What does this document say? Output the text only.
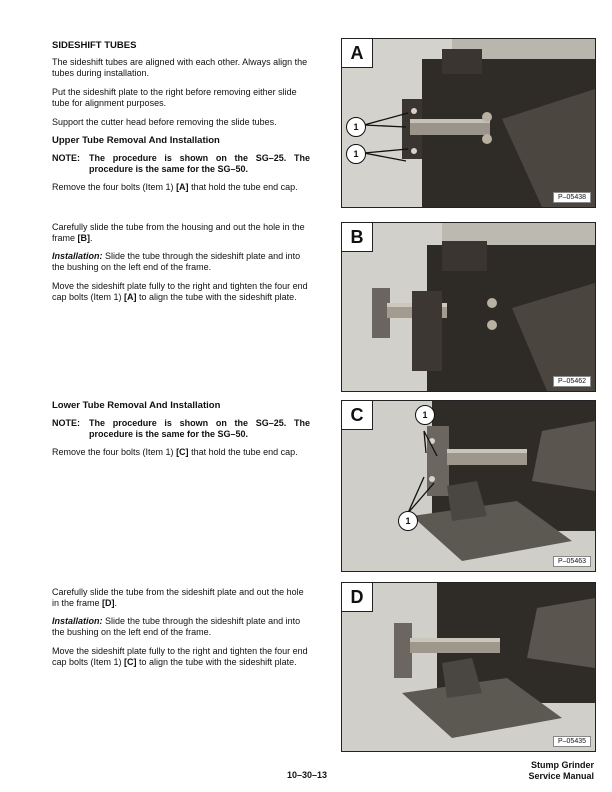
SIDESHIFT TUBES
The sideshift tubes are aligned with each other. Always align the tubes during installation.
Put the sideshift plate to the right before removing either slide tube for alignment purposes.
Support the cutter head before removing the slide tubes.
Upper Tube Removal And Installation
NOTE:	The procedure is shown on the SG–25. The procedure is the same for the SG–50.
Remove the four bolts (Item 1) [A] that hold the tube end cap.
Carefully slide the tube from the housing and out the hole in the frame [B].
Installation: Slide the tube through the sideshift plate and into the bushing on the left end of the frame.
Move the sideshift plate fully to the right and tighten the four end cap bolts (Item 1) [A] to align the tube with the sideshift plate.
Lower Tube Removal And Installation
NOTE:	The procedure is shown on the SG–25. The procedure is the same for the SG–50.
Remove the four bolts (Item 1) [C] that hold the tube end cap.
Carefully slide the tube from the sideshift plate and out the hole in the frame [D].
Installation: Slide the tube through the sideshift plate and into the bushing on the left end of the frame.
Move the sideshift plate fully to the right and tighten the four end cap bolts (Item 1) [C] to align the tube with the sideshift plate.
A
1
1
P–05438
B
P–05462
C	1
1
P–05463
D
P–05435
10–30–13
Stump Grinder
Service Manual
